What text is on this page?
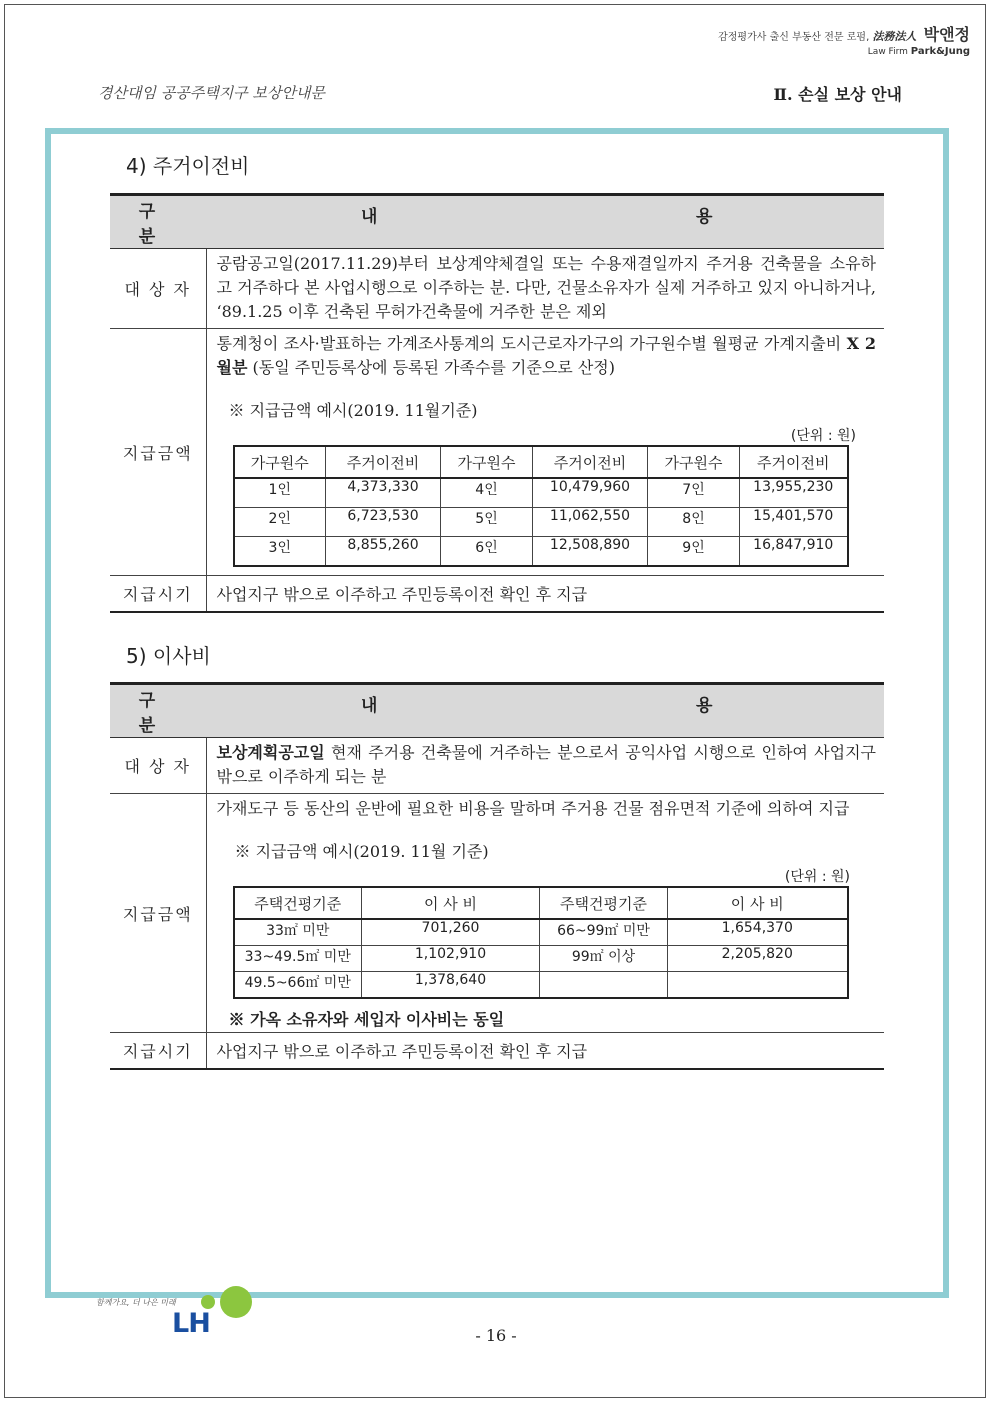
감정평가사 출신 부동산 전문 로펌, 法務法人 박앤정
Law Firm Park&Jung
경산대임 공공주택지구 보상안내문	Ⅱ. 손실 보상 안내
4) 주거이전비
구 분	
내	용

대 상 자	
공람공고일(2017.11.29)부터 보상계약체결일 또는 수용재결일까지 주거용 건축물을 소유하고 거주하다 본 사업시행으로 이주하는 분. 다만, 건물소유자가 실제 거주하고 있지 아니하거나, ‘89.1.25 이후 건축된 무허가건축물에 거주한 분은 제외

지급금액	
통계청이 조사·발표하는 가계조사통계의 도시근로자가구의 가구원수별 월평균 가계지출비 X 2월분 (동일 주민등록상에 등록된 가족수를 기준으로 산정)
※ 지급금액 예시(2019. 11월기준)
(단위 : 원)
가구원수	주거이전비	가구원수	주거이전비	가구원수	주거이전비
1인	4,373,330	4인	10,479,960	7인	13,955,230
2인	6,723,530	5인	11,062,550	8인	15,401,570
3인	8,855,260	6인	12,508,890	9인	16,847,910

지급시기	사업지구 밖으로 이주하고 주민등록이전 확인 후 지급
5) 이사비
구 분	
내	용

대 상 자	
보상계획공고일 현재 주거용 건축물에 거주하는 분으로서 공익사업 시행으로 인하여 사업지구 밖으로 이주하게 되는 분

지급금액	
가재도구 등 동산의 운반에 필요한 비용을 말하며 주거용 건물 점유면적 기준에 의하여 지급
※ 지급금액 예시(2019. 11월 기준)
(단위 : 원)
주택건평기준	이 사 비	주택건평기준	이 사 비
33㎡ 미만	701,260	66~99㎡ 미만	1,654,370
33~49.5㎡ 미만	1,102,910	99㎡ 이상	2,205,820
49.5~66㎡ 미만	1,378,640		
※ 가옥 소유자와 세입자 이사비는 동일

지급시기	사업지구 밖으로 이주하고 주민등록이전 확인 후 지급
함께가요, 더 나은 미래
LH	- 16 -
